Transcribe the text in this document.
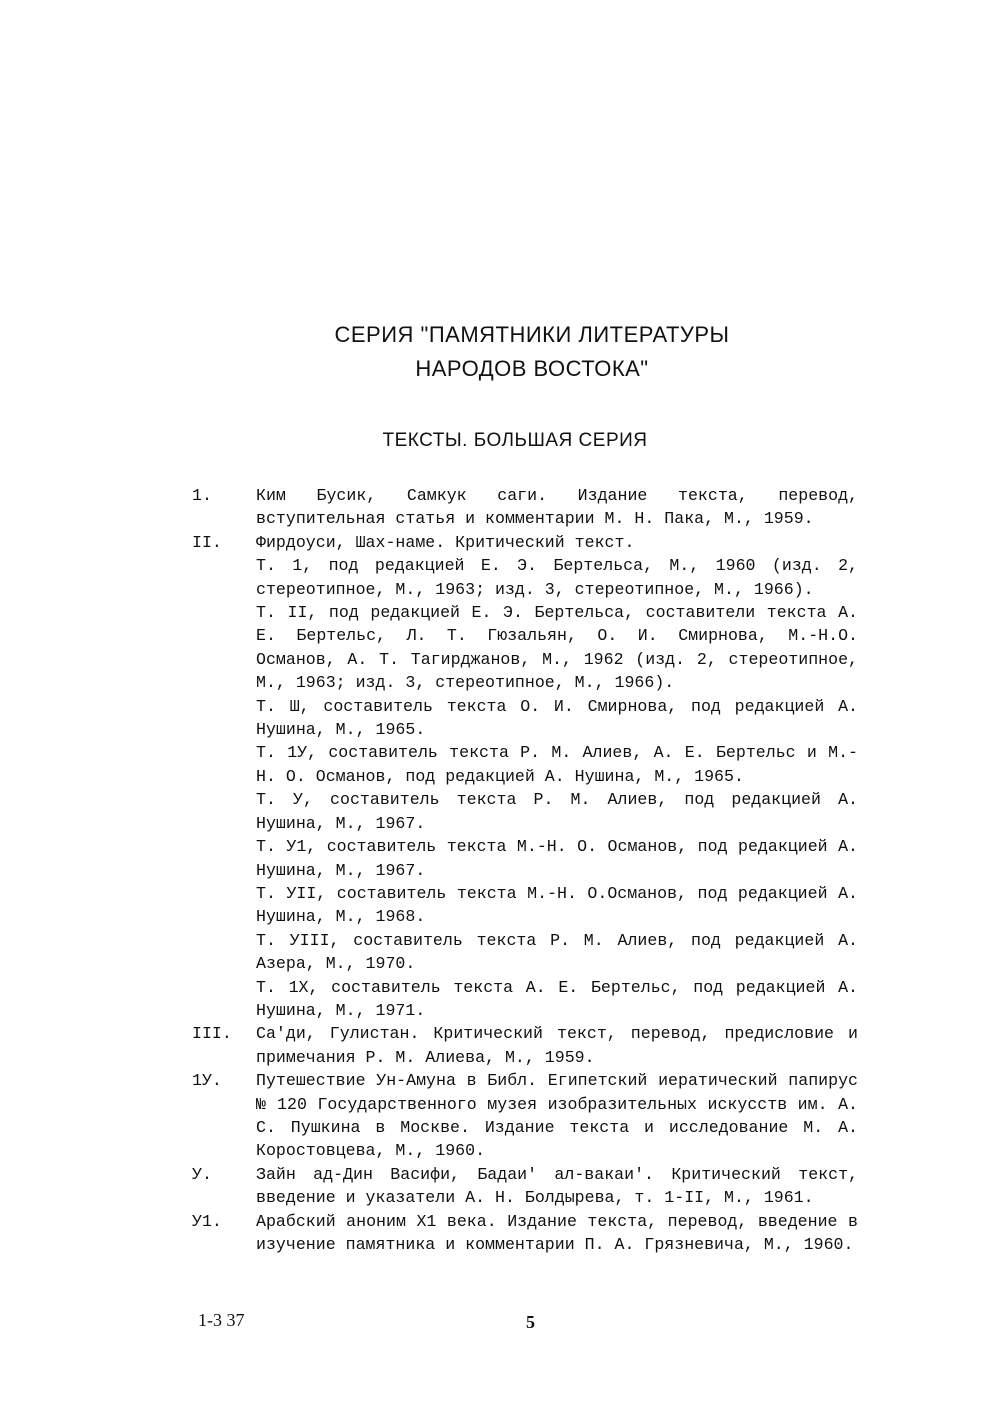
СЕРИЯ "ПАМЯТНИКИ ЛИТЕРАТУРЫ
НАРОДОВ ВОСТОКА"
ТЕКСТЫ. БОЛЬШАЯ СЕРИЯ
1.	Ким Бусик, Самкук саги. Издание текста, перевод, вступительная статья и комментарии М. Н. Пака, М., 1959.
II.	Фирдоуси, Шах-наме. Критический текст.
Т. 1, под редакцией Е. Э. Бертельса, М., 1960 (изд. 2, стереотипное, М., 1963; изд. 3, стереотипное, М., 1966).
Т. II, под редакцией Е. Э. Бертельса, составители текста А. Е. Бертельс, Л. Т. Гюзальян, О. И. Смирнова, М.-Н.О. Османов, А. Т. Тагирджанов, М., 1962 (изд. 2, стереотипное, М., 1963; изд. 3, стереотипное, М., 1966).
Т. Ш, составитель текста О. И. Смирнова, под редакцией А. Нушина, М., 1965.
Т. 1У, составитель текста Р. М. Алиев, А. Е. Бертельс и М.-Н. О. Османов, под редакцией А. Нушина, М., 1965.
Т. У, составитель текста Р. М. Алиев, под редакцией А. Нушина, М., 1967.
Т. У1, составитель текста М.-Н. О. Османов, под редакцией А. Нушина, М., 1967.
Т. УII, составитель текста М.-Н. О.Османов, под редакцией А. Нушина, М., 1968.
Т. УIII, составитель текста Р. М. Алиев, под редакцией А. Азера, М., 1970.
Т. 1Х, составитель текста А. Е. Бертельс, под редакцией А. Нушина, М., 1971.
III.	Са'ди, Гулистан. Критический текст, перевод, предисловие и примечания Р. М. Алиева, М., 1959.
1У.	Путешествие Ун-Амуна в Библ. Египетский иератический папирус № 120 Государственного музея изобразительных искусств им. А. С. Пушкина в Москве. Издание текста и исследование М. А. Коростовцева, М., 1960.
У.	Зайн ад-Дин Васифи, Бадаи' ал-вакаи'. Критический текст, введение и указатели А. Н. Болдырева, т. 1-II, М., 1961.
У1.	Арабский аноним Х1 века. Издание текста, перевод, введение в изучение памятника и комментарии П. А. Грязневича, М., 1960.
1-3 37	5
